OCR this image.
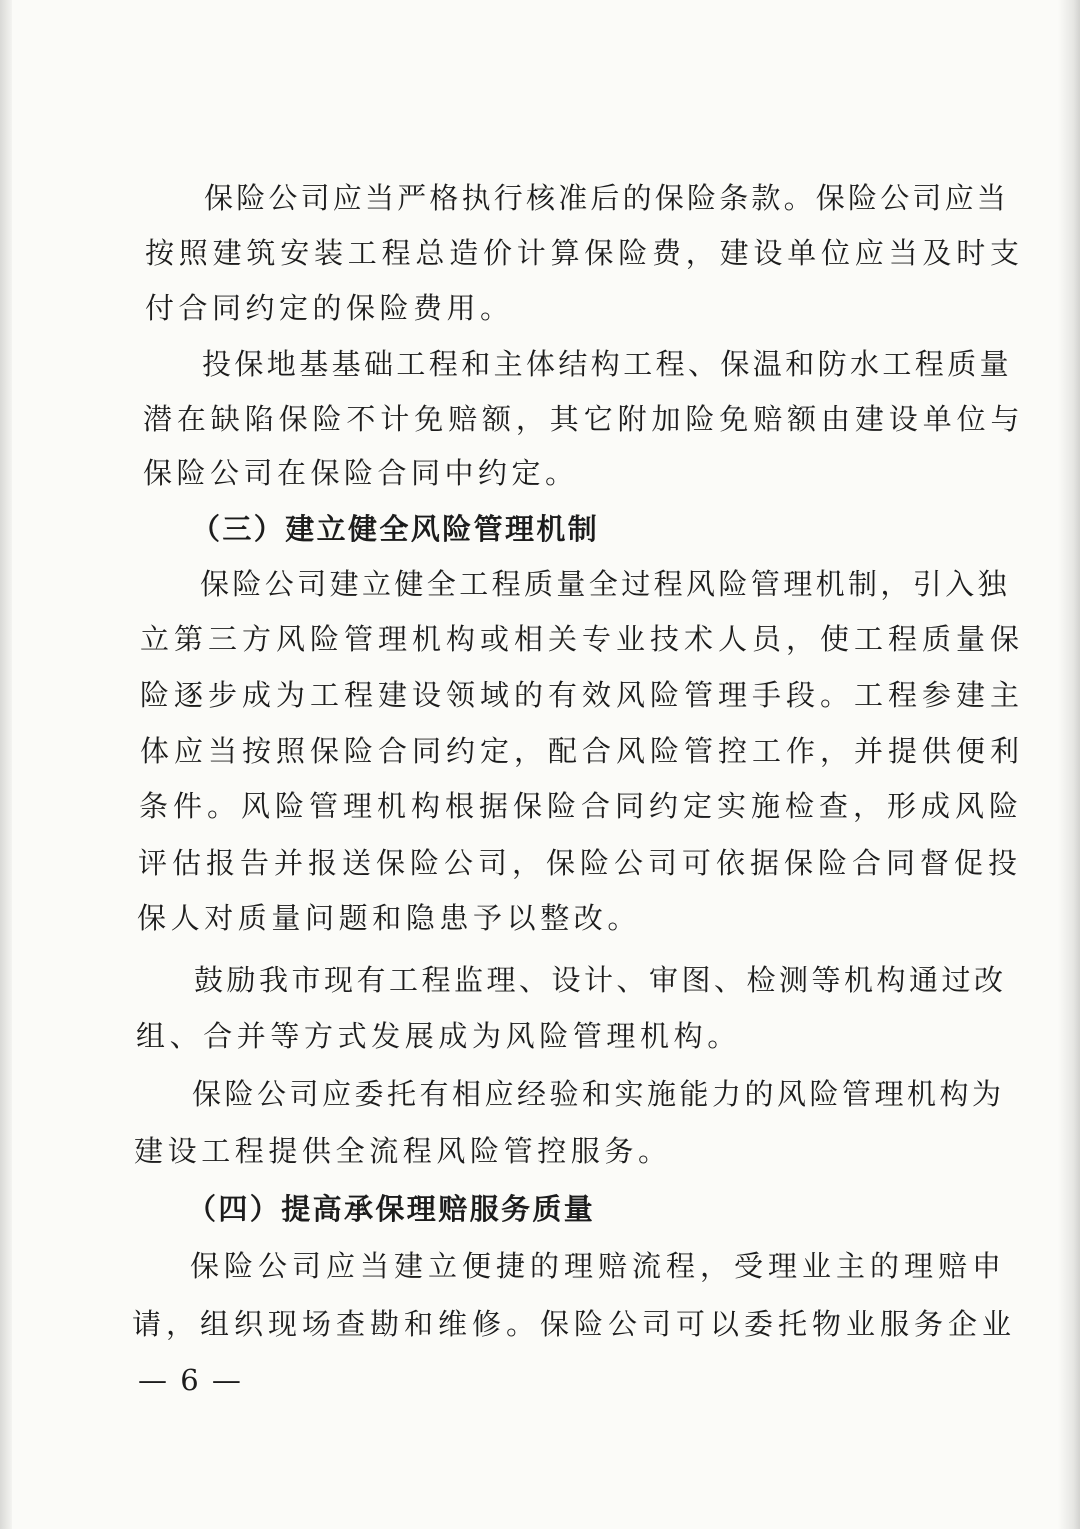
保险公司应当严格执行核准后的保险条款。保险公司应当
按照建筑安装工程总造价计算保险费，建设单位应当及时支
付合同约定的保险费用。
投保地基基础工程和主体结构工程、保温和防水工程质量
潜在缺陷保险不计免赔额，其它附加险免赔额由建设单位与
保险公司在保险合同中约定。
（三）建立健全风险管理机制
保险公司建立健全工程质量全过程风险管理机制，引入独
立第三方风险管理机构或相关专业技术人员，使工程质量保
险逐步成为工程建设领域的有效风险管理手段。工程参建主
体应当按照保险合同约定，配合风险管控工作，并提供便利
条件。风险管理机构根据保险合同约定实施检查，形成风险
评估报告并报送保险公司，保险公司可依据保险合同督促投
保人对质量问题和隐患予以整改。
鼓励我市现有工程监理、设计、审图、检测等机构通过改
组、合并等方式发展成为风险管理机构。
保险公司应委托有相应经验和实施能力的风险管理机构为
建设工程提供全流程风险管控服务。
（四）提高承保理赔服务质量
保险公司应当建立便捷的理赔流程，受理业主的理赔申
请，组织现场查勘和维修。保险公司可以委托物业服务企业
— 6 —
